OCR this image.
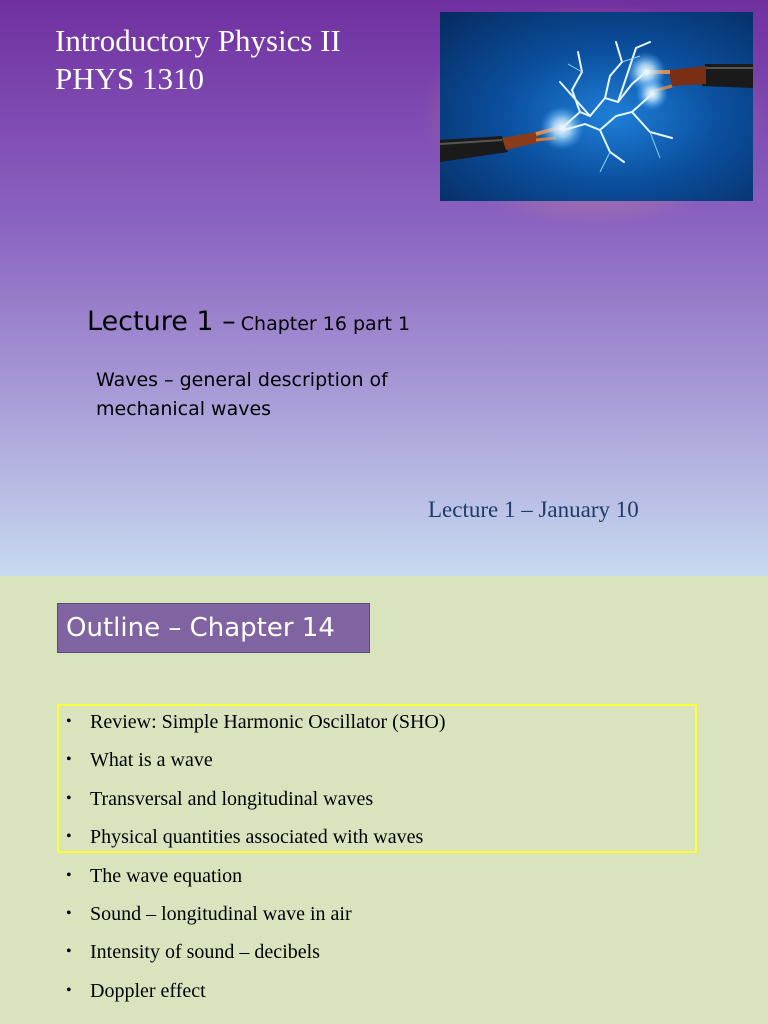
Introductory Physics II
PHYS 1310
Lecture 1 – Chapter 16 part 1
Waves – general description of
mechanical waves
Lecture 1 – January 10
Outline – Chapter 14
• Review: Simple Harmonic Oscillator (SHO)
• What is a wave
• Transversal and longitudinal waves
• Physical quantities associated with waves
• The wave equation
• Sound – longitudinal wave in air
• Intensity of sound – decibels
• Doppler effect
